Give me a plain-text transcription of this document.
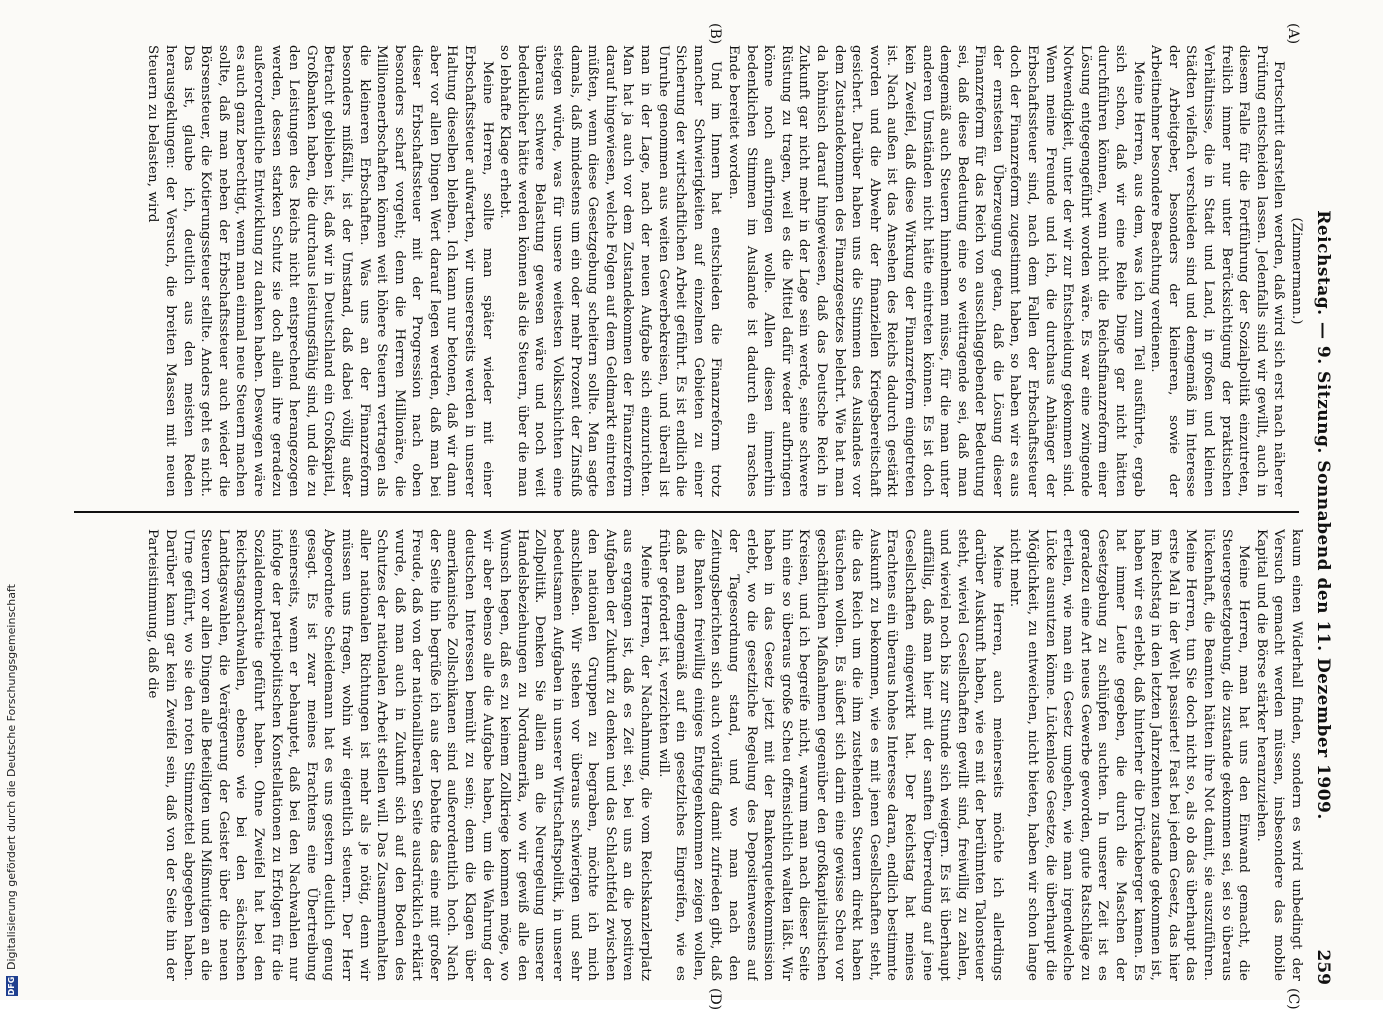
Reichstag. — 9. Sitzung. Sonnabend den 11. Dezember 1909.
259
(A)
(B)
(C)
(D)

(Zimmermann.)

Fortschritt darstellen werden, daß wird sich erst nach näherer Prüfung entscheiden lassen. Jedenfalls sind wir gewillt, auch in diesem Falle für die Fortführung der Sozialpolitik einzutreten, freilich immer nur unter Berücksichtigung der praktischen Verhältnisse, die in Stadt und Land, in großen und kleinen Städten vielfach verschieden sind und demgemäß im Interesse der Arbeitgeber, besonders der kleineren, sowie der Arbeitnehmer besondere Beachtung verdienen.

Meine Herren, aus dem, was ich zum Teil ausführte, ergab sich schon, daß wir eine Reihe Dinge gar nicht hätten durchführen können, wenn nicht die Reichsfinanzreform einer Lösung entgegengeführt worden wäre. Es war eine zwingende Notwendigkeit, unter der wir zur Entscheidung gekommen sind. Wenn meine Freunde und ich, die durchaus Anhänger der Erbschaftssteuer sind, nach dem Fallen der Erbschaftssteuer doch der Finanzreform zugestimmt haben, so haben wir es aus der ernstesten Überzeugung getan, daß die Lösung dieser Finanzreform für das Reich von ausschlaggebender Bedeutung sei, daß diese Bedeutung eine so weittragende sei, daß man demgemäß auch Steuern hinnehmen müsse, für die man unter anderen Umständen nicht hätte eintreten können. Es ist doch kein Zweifel, daß diese Wirkung der Finanzreform eingetreten ist. Nach außen ist das Ansehen des Reichs dadurch gestärkt worden und die Abwehr der finanziellen Kriegsbereitschaft gesichert. Darüber haben uns die Stimmen des Auslandes vor dem Zustandekommen des Finanzgesetzes belehrt. Wie hat man da höhnisch darauf hingewiesen, daß das Deutsche Reich in Zukunft gar nicht mehr in der Lage sein werde, seine schwere Rüstung zu tragen, weil es die Mittel dafür weder aufbringen könne noch aufbringen wolle. Allen diesen immerhin bedenklichen Stimmen im Auslande ist dadurch ein rasches Ende bereitet worden.

Und im Innern hat entschieden die Finanzreform trotz mancher Schwierigkeiten auf einzelnen Gebieten zu einer Sicherung der wirtschaftlichen Arbeit geführt. Es ist endlich die Unruhe genommen aus weiten Gewerbekreisen, und überall ist man in der Lage, nach der neuen Aufgabe sich einzurichten. Man hat ja auch vor dem Zustandekommen der Finanzreform darauf hingewiesen, welche Folgen auf dem Geldmarkt eintreten müßten, wenn diese Gesetzgebung scheitern sollte. Man sagte damals, daß mindestens um ein oder mehr Prozent der Zinsfuß steigen würde, was für unsere weitesten Volksschichten eine überaus schwere Belastung gewesen wäre und noch weit bedenklicher hätte werden können als die Steuern, über die man so lebhafte Klage erhebt.

Meine Herren, sollte man später wieder mit einer Erbschaftssteuer aufwarten, wir unsererseits werden in unserer Haltung dieselben bleiben. Ich kann nur betonen, daß wir dann aber vor allen Dingen Wert darauf legen werden, daß man bei dieser Erbschaftssteuer mit der Progression nach oben besonders scharf vorgeht; denn die Herren Millionäre, die Millionenerbschaften können weit höhere Steuern vertragen als die kleineren Erbschaften. Was uns an der Finanzreform besonders mißfällt, ist der Umstand, daß dabei völlig außer Betracht geblieben ist, daß wir in Deutschland ein Großkapital, Großbanken haben, die durchaus leistungsfähig sind, und die zu den Leistungen des Reichs nicht entsprechend herangezogen werden, dessen starken Schutz sie doch allein ihre geradezu außerordentliche Entwicklung zu danken haben. Deswegen wäre es auch ganz berechtigt, wenn man einmal neue Steuern machen sollte, daß man neben der Erbschaftssteuer auch wieder die Börsensteuer, die Kotierungssteuer stellte. Anders geht es nicht. Das ist, glaube ich, deutlich aus den meisten Reden herausgeklungen: der Versuch, die breiten Massen mit neuen Steuern zu belasten, wird

kaum einen Widerhall finden, sondern es wird unbedingt der Versuch gemacht werden müssen, insbesondere das mobile Kapital und die Börse stärker heranzuziehen.

Meine Herren, man hat uns den Einwand gemacht, die Steuergesetzgebung, die zustande gekommen sei, sei so überaus lückenhaft, die Beamten hätten ihre Not damit, sie auszuführen. Meine Herren, tun Sie doch nicht so, als ob das überhaupt das erste Mal in der Welt passierte! Fast bei jedem Gesetz, das hier im Reichstag in den letzten Jahrzehnten zustande gekommen ist, haben wir es erlebt, daß hinterher die Drückeberger kamen. Es hat immer Leute gegeben, die durch die Maschen der Gesetzgebung zu schlüpfen suchten. In unserer Zeit ist es geradezu eine Art neues Gewerbe geworden, gute Ratschläge zu erteilen, wie man ein Gesetz umgehen, wie man irgendwelche Lücke ausnutzen könne. Lückenlose Gesetze, die überhaupt die Möglichkeit, zu entweichen, nicht bieten, haben wir schon lange nicht mehr.

Meine Herren, auch meinerseits möchte ich allerdings darüber Auskunft haben, wie es mit der berühmten Talonsteuer steht, wieviel Gesellschaften gewillt sind, freiwillig zu zahlen, und wieviel noch bis zur Stunde sich weigern. Es ist überhaupt auffällig, daß man hier mit der sanften Überredung auf jene Gesellschaften eingewirkt hat. Der Reichstag hat meines Erachtens ein überaus hohes Interesse daran, endlich bestimmte Auskunft zu bekommen, wie es mit jenen Gesellschaften steht, die das Reich um die ihm zustehenden Steuern direkt haben täuschen wollen. Es äußert sich darin eine gewisse Scheu vor geschäftlichen Maßnahmen gegenüber den großkapitalistischen Kreisen, und ich begreife nicht, warum man nach dieser Seite hin eine so überaus große Scheu offensichtlich walten läßt. Wir haben in das Gesetz jetzt mit der Bankenquetekommission erlebt, wo die gesetzliche Regelung des Depositenwesens auf der Tagesordnung stand, und wo man nach den Zeitungsberichten sich auch vorläufig damit zufrieden gibt, daß die Banken freiwillig einiges Entgegenkommen zeigen wollen, daß man demgemäß auf ein gesetzliches Eingreifen, wie es früher gefordert ist, verzichten will.

Meine Herren, der Nachahmung, die vom Reichskanzlerplatz aus ergangen ist, daß es Zeit sei, bei uns an die positiven Aufgaben der Zukunft zu denken und das Schlachtfeld zwischen den nationalen Gruppen zu begraben, möchte ich mich anschließen. Wir stehen vor überaus schwierigen und sehr bedeutsamen Aufgaben in unserer Wirtschaftspolitik, in unserer Zollpolitik. Denken Sie allein an die Neuregelung unserer Handelsbeziehungen zu Nordamerika, wo wir gewiß alle den Wunsch hegen, daß es zu keinem Zollkriege kommen möge, wo wir aber ebenso alle die Aufgabe haben, um die Wahrung der deutschen Interessen bemüht zu sein; denn die Klagen über amerikanische Zollschikanen sind außerordentlich hoch. Nach der Seite hin begrüße ich aus der Debatte das eine mit großer Freude, daß von der nationalliberalen Seite ausdrücklich erklärt wurde, daß man auch in Zukunft sich auf den Boden des Schutzes der nationalen Arbeit stellen will. Das Zusammenhalten aller nationalen Richtungen ist mehr als je nötig, denn wir müssen uns fragen, wohin wir eigentlich steuern. Der Herr Abgeordnete Scheidemann hat es uns gestern deutlich genug gesagt. Es ist zwar meines Erachtens eine Übertreibung seinerseits, wenn er behauptet, daß bei den Nachwahlen nur infolge der parteipolitischen Konstellationen zu Erfolgen für die Sozialdemokratie geführt haben. Ohne Zweifel hat bei den Reichstagsnachwahlen, ebenso wie bei den sächsischen Landtagswahlen, die Verärgerung der Geister über die neuen Steuern vor allen Dingen alle Beteiligten und Mißmutigen an die Urne geführt, wo sie den roten Stimmzettel abgegeben haben. Darüber kann gar kein Zweifel sein, daß von der Seite hin der Parteistimmung, daß die

DFG
Digitalisierung gefördert durch die Deutsche Forschungsgemeinschaft
